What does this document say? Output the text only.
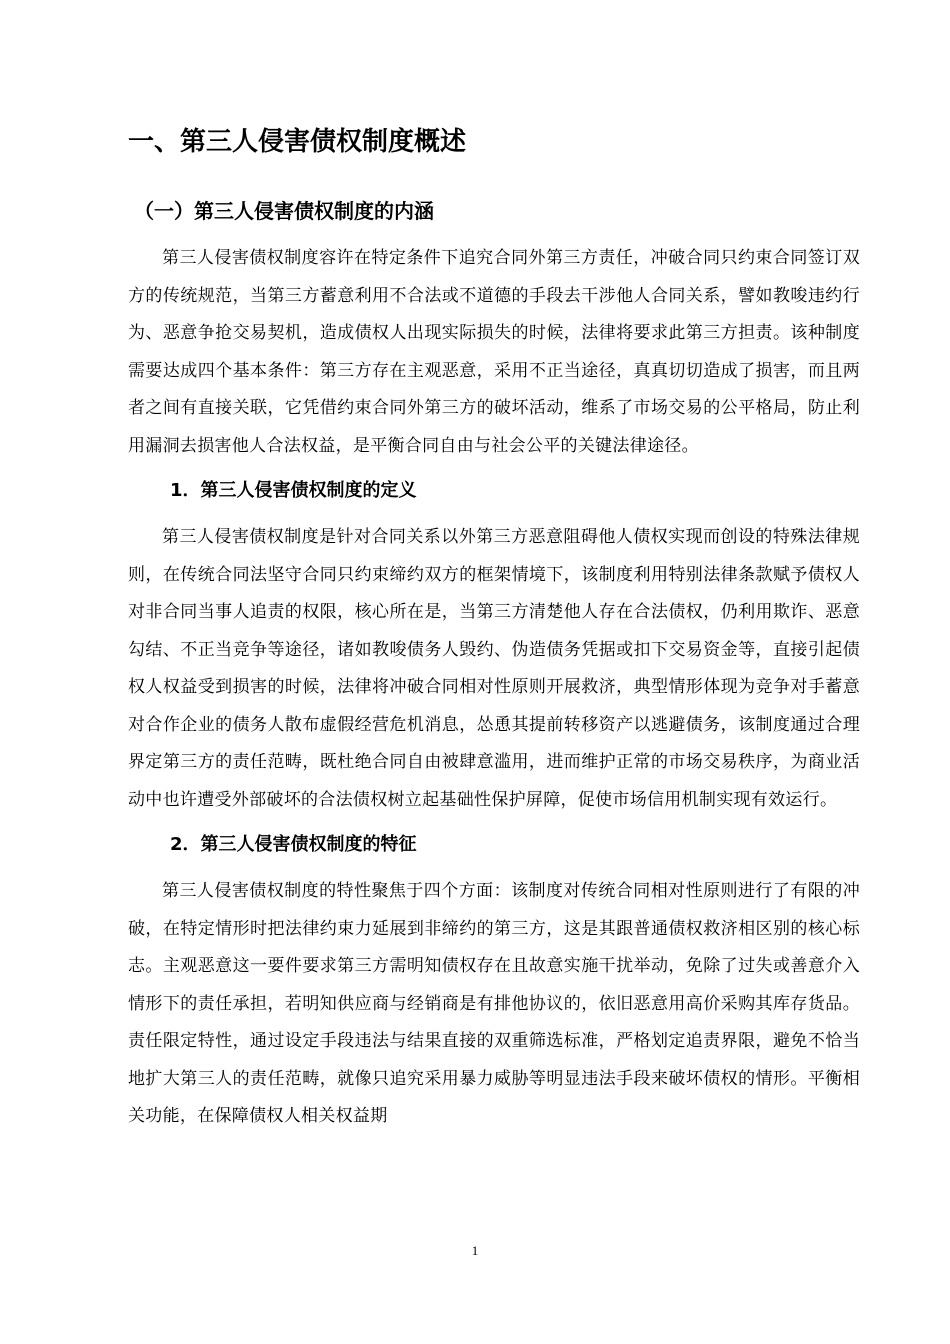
一、第三人侵害债权制度概述
（一）第三人侵害债权制度的内涵

第三人侵害债权制度容许在特定条件下追究合同外第三方责任，冲破合同只约束合同签订双方的传统规范，当第三方蓄意利用不合法或不道德的手段去干涉他人合同关系，譬如教唆违约行为、恶意争抢交易契机，造成债权人出现实际损失的时候，法律将要求此第三方担责。该种制度需要达成四个基本条件：第三方存在主观恶意，采用不正当途径，真真切切造成了损害，而且两者之间有直接关联，它凭借约束合同外第三方的破坏活动，维系了市场交易的公平格局，防止利用漏洞去损害他人合法权益，是平衡合同自由与社会公平的关键法律途径。

1．第三人侵害债权制度的定义

第三人侵害债权制度是针对合同关系以外第三方恶意阻碍他人债权实现而创设的特殊法律规则，在传统合同法坚守合同只约束缔约双方的框架情境下，该制度利用特别法律条款赋予债权人对非合同当事人追责的权限，核心所在是，当第三方清楚他人存在合法债权，仍利用欺诈、恶意勾结、不正当竞争等途径，诸如教唆债务人毁约、伪造债务凭据或扣下交易资金等，直接引起债权人权益受到损害的时候，法律将冲破合同相对性原则开展救济，典型情形体现为竞争对手蓄意对合作企业的债务人散布虚假经营危机消息，怂恿其提前转移资产以逃避债务，该制度通过合理界定第三方的责任范畴，既杜绝合同自由被肆意滥用，进而维护正常的市场交易秩序，为商业活动中也许遭受外部破坏的合法债权树立起基础性保护屏障，促使市场信用机制实现有效运行。

2．第三人侵害债权制度的特征

第三人侵害债权制度的特性聚焦于四个方面：该制度对传统合同相对性原则进行了有限的冲破，在特定情形时把法律约束力延展到非缔约的第三方，这是其跟普通债权救济相区别的核心标志。主观恶意这一要件要求第三方需明知债权存在且故意实施干扰举动，免除了过失或善意介入情形下的责任承担，若明知供应商与经销商是有排他协议的，依旧恶意用高价采购其库存货品。责任限定特性，通过设定手段违法与结果直接的双重筛选标准，严格划定追责界限，避免不恰当地扩大第三人的责任范畴，就像只追究采用暴力威胁等明显违法手段来破坏债权的情形。平衡相关功能，在保障债权人相关权益期

1
